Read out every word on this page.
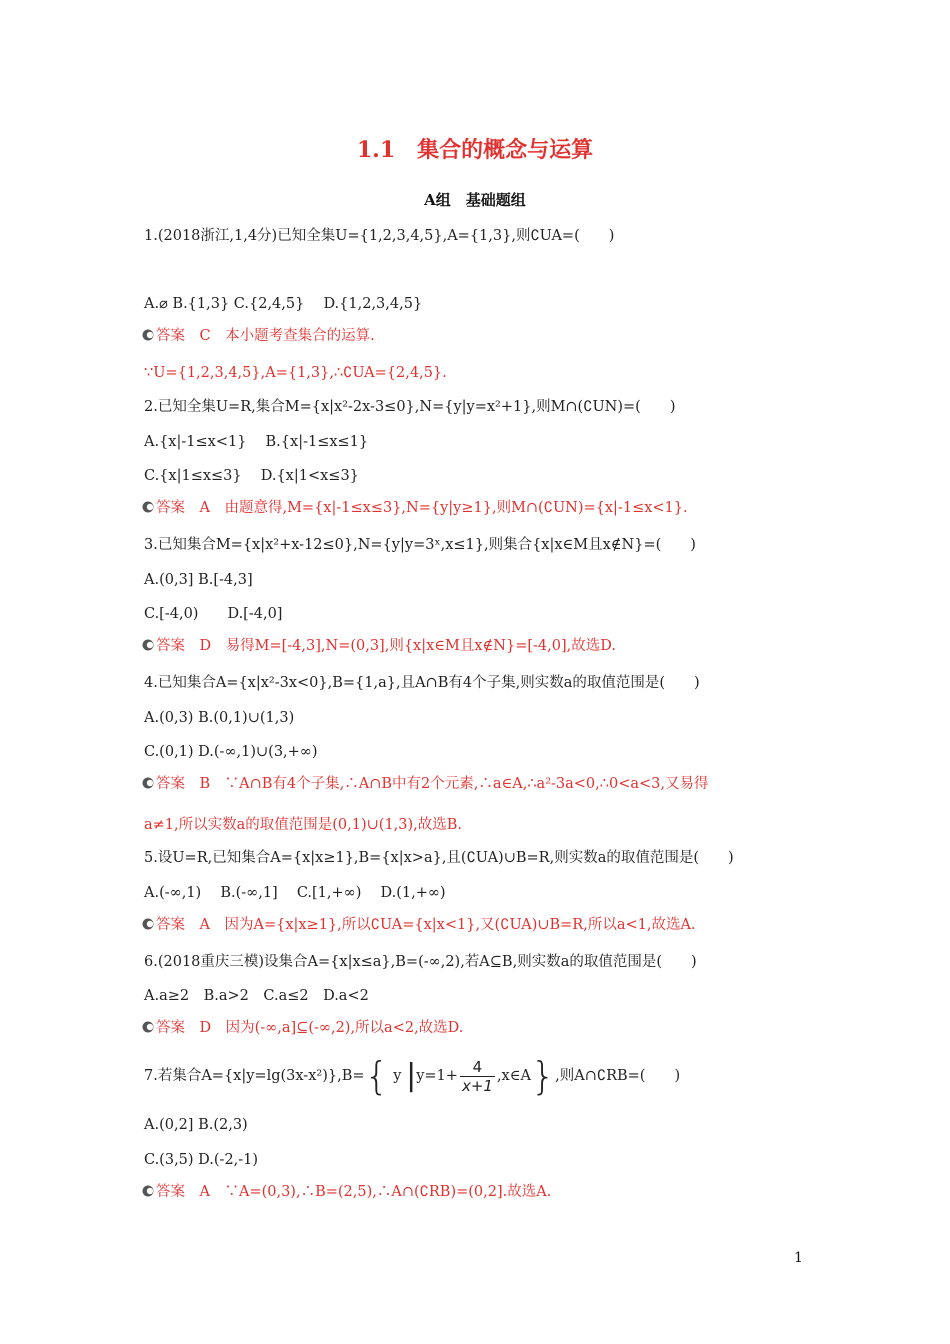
1.1　集合的概念与运算
A组　基础题组
1.(2018浙江,1,4分)已知全集U={1,2,3,4,5},A={1,3},则∁UA=(　　)
A.⌀ B.{1,3} C.{2,4,5}　 D.{1,2,3,4,5}
答案　C　本小题考查集合的运算.
∵U={1,2,3,4,5},A={1,3},∴∁UA={2,4,5}.
2.已知全集U=R,集合M={x|x²-2x-3≤0},N={y|y=x²+1},则M∩(∁UN)=(　　)
A.{x|-1≤x<1}　 B.{x|-1≤x≤1}
C.{x|1≤x≤3}　 D.{x|1<x≤3}
答案　A　由题意得,M={x|-1≤x≤3},N={y|y≥1},则M∩(∁UN)={x|-1≤x<1}.
3.已知集合M={x|x²+x-12≤0},N={y|y=3ˣ,x≤1},则集合{x|x∈M且x∉N}=(　　)
A.(0,3] B.[-4,3]
C.[-4,0)　　D.[-4,0]
答案　D　易得M=[-4,3],N=(0,3],则{x|x∈M且x∉N}=[-4,0],故选D.
4.已知集合A={x|x²-3x<0},B={1,a},且A∩B有4个子集,则实数a的取值范围是(　　)
A.(0,3) B.(0,1)∪(1,3)
C.(0,1) D.(-∞,1)∪(3,+∞)
答案　B　∵A∩B有4个子集,∴A∩B中有2个元素,∴a∈A,∴a²-3a<0,∴0<a<3,又易得
a≠1,所以实数a的取值范围是(0,1)∪(1,3),故选B.
5.设U=R,已知集合A={x|x≥1},B={x|x>a},且(∁UA)∪B=R,则实数a的取值范围是(　　)
A.(-∞,1)　 B.(-∞,1]　 C.[1,+∞)　 D.(1,+∞)
答案　A　因为A={x|x≥1},所以∁UA={x|x<1},又(∁UA)∪B=R,所以a<1,故选A.
6.(2018重庆三模)设集合A={x|x≤a},B=(-∞,2),若A⊆B,则实数a的取值范围是(　　)
A.a≥2　B.a>2　C.a≤2　D.a<2
答案　D　因为(-∞,a]⊆(-∞,2),所以a<2,故选D.
7.若集合A={x|y=lg(3x-x²)},B={ y $|y=1+ \frac{4}{x+1}$ ,x∈A},则A∩∁RB=(　　)
A.(0,2] B.(2,3)
C.(3,5) D.(-2,-1)
答案　A　∵A=(0,3),∴B=(2,5),∴A∩(∁RB)=(0,2].故选A.
1
